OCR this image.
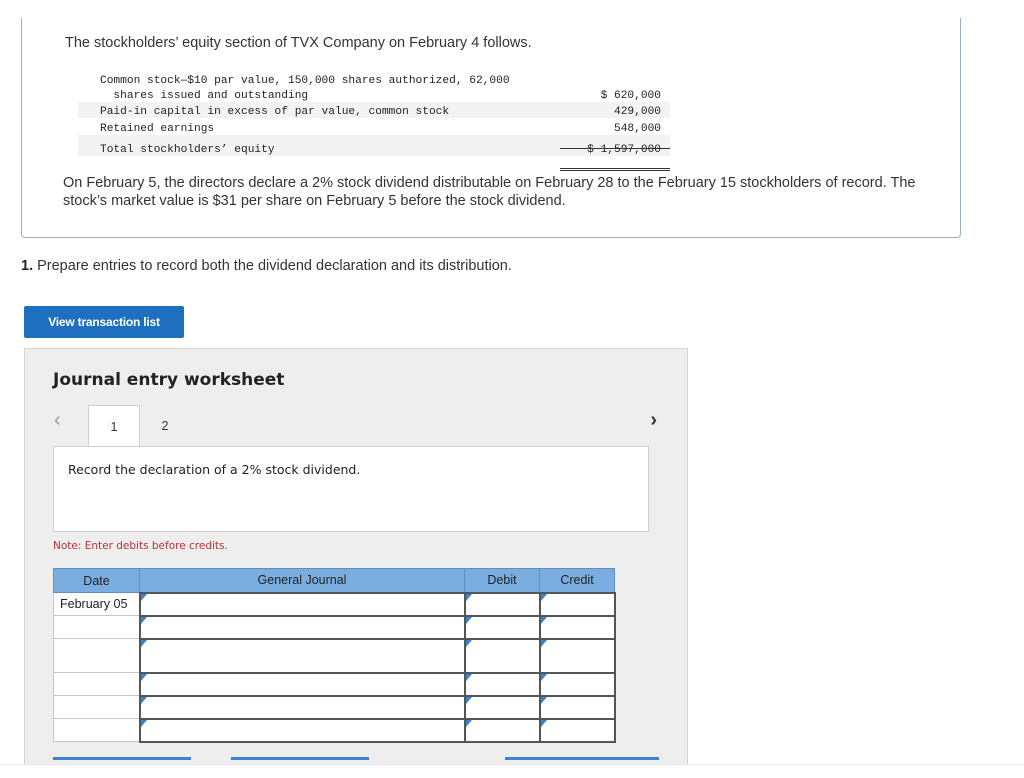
The stockholders’ equity section of TVX Company on February 4 follows.

Common stock—$10 par value, 150,000 shares authorized, 62,000
shares issued and outstanding	$ 620,000
Paid-in capital in excess of par value, common stock	429,000
Retained earnings	548,000
Total stockholders’ equity	$ 1,597,000

On February 5, the directors declare a 2% stock dividend distributable on February 28 to the February 15 stockholders of record. The stock’s market value is $31 per share on February 5 before the stock dividend.

1. Prepare entries to record both the dividend declaration and its distribution.

View transaction list
Journal entry worksheet
‹	›
1	2

Record the declaration of a 2% stock dividend.

Note: Enter debits before credits.

Date	General Journal	Debit	Credit
February 05	
